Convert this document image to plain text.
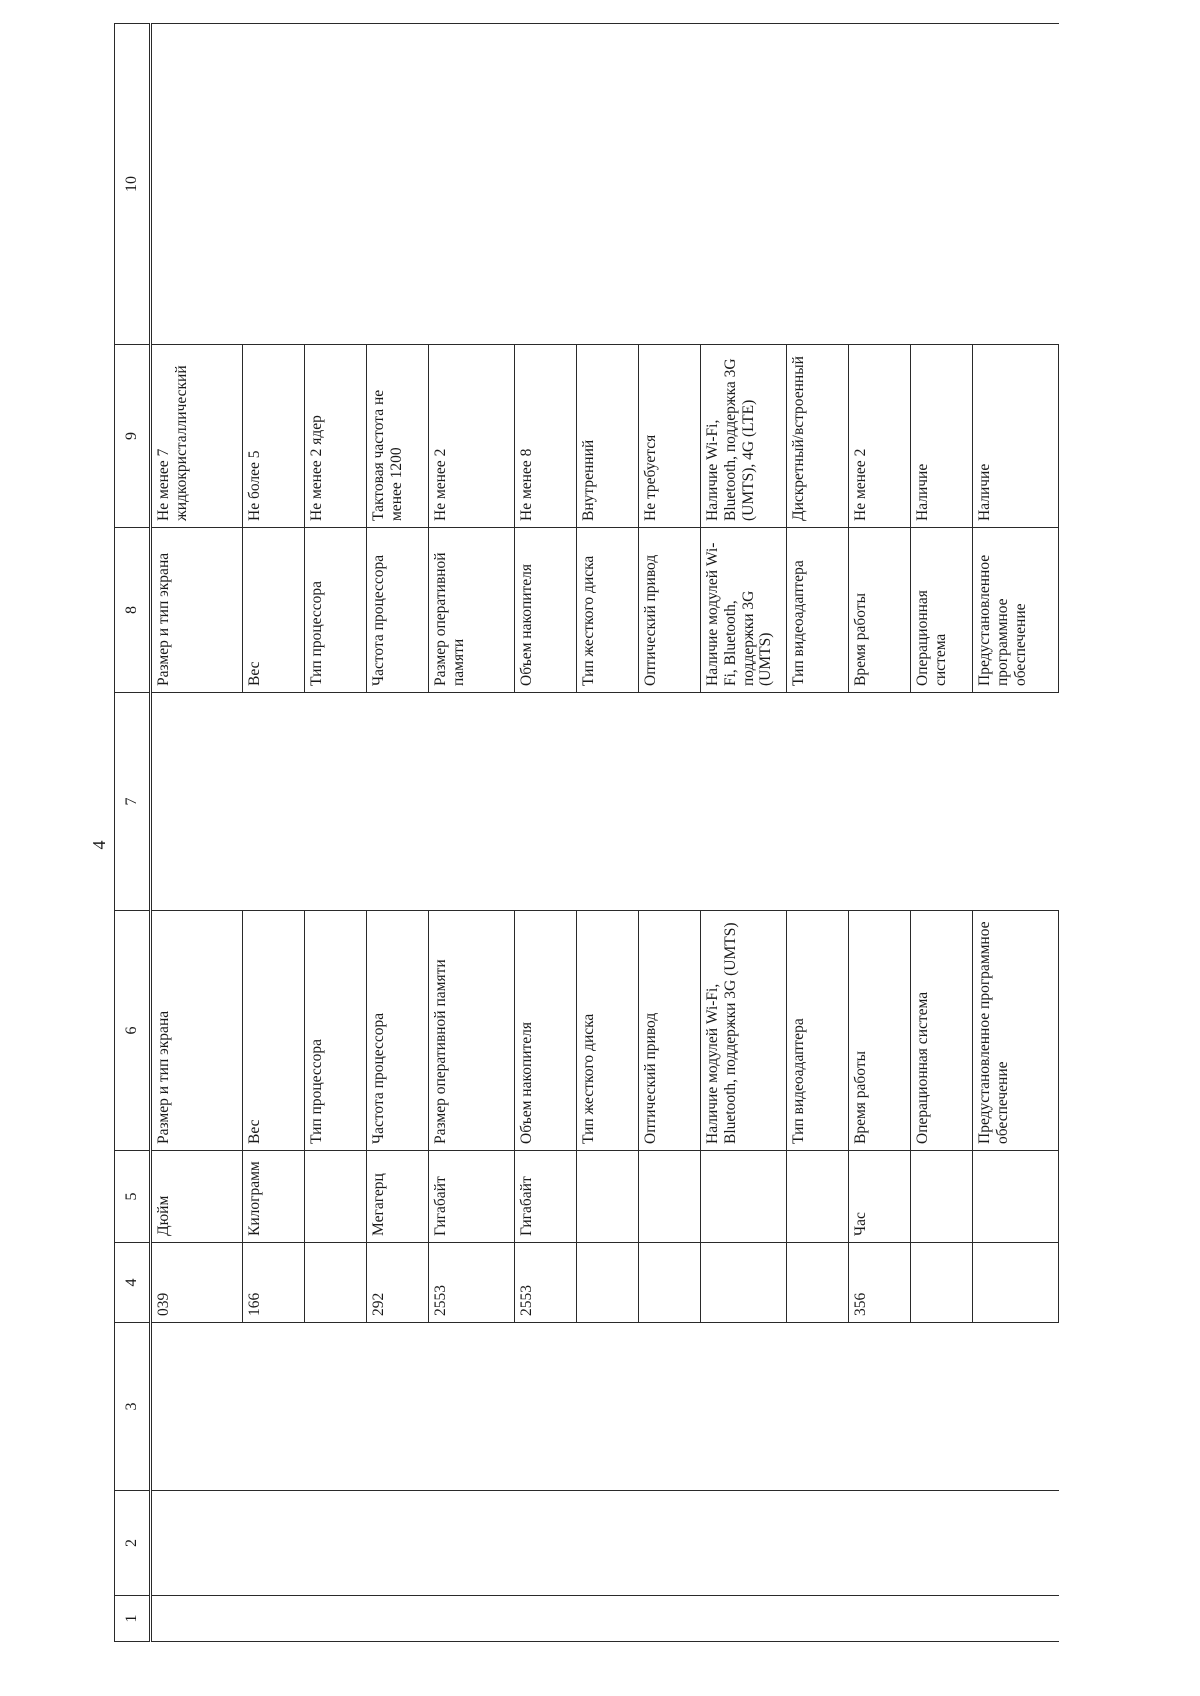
4
1	2	3	4	5	6	7	8	9	10
			039	Дюйм	Размер и тип экрана		Размер и тип экрана	Не менее 7 жидкокристаллический	
			166	Килограмм	Вес		Вес	Не более 5	
					Тип процессора		Тип процессора	Не менее 2 ядер	
			292	Мегагерц	Частота процессора		Частота процессора	Тактовая частота не менее 1200	
			2553	Гигабайт	Размер оперативной памяти		Размер оперативной памяти	Не менее 2	
			2553	Гигабайт	Объем накопителя		Объем накопителя	Не менее 8	
					Тип жесткого диска		Тип жесткого диска	Внутренний	
					Оптический привод		Оптический привод	Не требуется	
					Наличие модулей Wi-Fi, Bluetooth, поддержки 3G (UMTS)		Наличие модулей Wi-Fi, Bluetooth, поддержки 3G (UMTS)	Наличие Wi-Fi, Bluetooth, поддержка 3G (UMTS), 4G (LTE)	
					Тип видеоадаптера		Тип видеоадаптера	Дискретный/встроенный	
			356	Час	Время работы		Время работы	Не менее 2	
					Операционная система		Операционная система	Наличие	
					Предустановленное программное обеспечение		Предустановленное программное обеспечение	Наличие	
